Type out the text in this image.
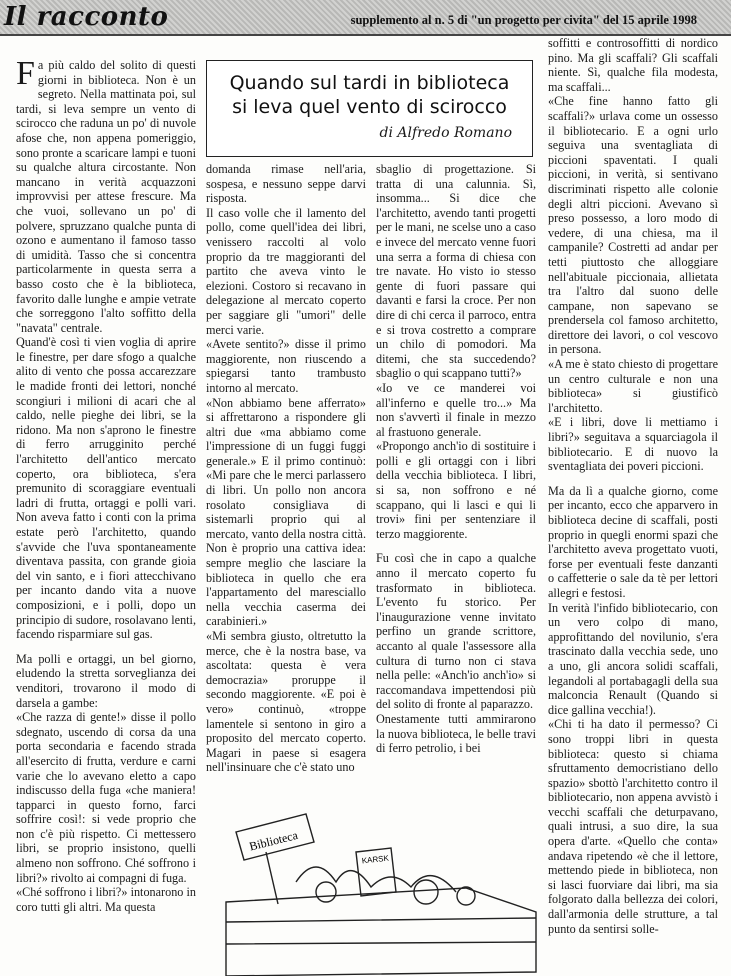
Il racconto	supplemento al n. 5 di "un progetto per civita" del 15 aprile 1998
Quando sul tardi in biblioteca
si leva quel vento di scirocco
di Alfredo Romano

Fa più caldo del solito di questi giorni in biblioteca. Non è un segreto. Nella mattinata poi, sul tardi, si leva sempre un vento di scirocco che raduna un po' di nuvole afose che, non appena pomeriggio, sono pronte a scaricare lampi e tuoni su qualche altura circostante. Non mancano in verità acquazzoni improvvisi per attese frescure. Ma che vuoi, sollevano un po' di polvere, spruzzano qualche punta di ozono e aumentano il famoso tasso di umidità. Tasso che si concentra particolarmente in questa serra a basso costo che è la biblioteca, favorito dalle lunghe e ampie vetrate che sorreggono l'alto soffitto della "navata" centrale.

Quand'è così ti vien voglia di aprire le finestre, per dare sfogo a qualche alito di vento che possa accarezzare le madide fronti dei lettori, nonché scongiuri i milioni di acari che al caldo, nelle pieghe dei libri, se la ridono. Ma non s'aprono le finestre di ferro arrugginito perché l'architetto dell'antico mercato coperto, ora biblioteca, s'era premunito di scoraggiare eventuali ladri di frutta, ortaggi e polli vari. Non aveva fatto i conti con la prima estate però l'architetto, quando s'avvide che l'uva spontaneamente diventava passita, con grande gioia del vin santo, e i fiori attecchivano per incanto dando vita a nuove composizioni, e i polli, dopo un principio di sudore, rosolavano lenti, facendo risparmiare sul gas.

Ma polli e ortaggi, un bel giorno, eludendo la stretta sorveglianza dei venditori, trovarono il modo di darsela a gambe:

«Che razza di gente!» disse il pollo sdegnato, uscendo di corsa da una porta secondaria e facendo strada all'esercito di frutta, verdure e carni varie che lo avevano eletto a capo indiscusso della fuga «che maniera! tapparci in questo forno, farci soffrire così!: si vede proprio che non c'è più rispetto. Ci mettessero libri, se proprio insistono, quelli almeno non soffrono. Ché soffrono i libri?» rivolto ai compagni di fuga.

«Ché soffrono i libri?» intonarono in coro tutti gli altri. Ma questa

domanda rimase nell'aria, sospesa, e nessuno seppe darvi risposta.

Il caso volle che il lamento del pollo, come quell'idea dei libri, venissero raccolti al volo proprio da tre maggioranti del partito che aveva vinto le elezioni. Costoro si recavano in delegazione al mercato coperto per saggiare gli "umori" delle merci varie.

«Avete sentito?» disse il primo maggiorente, non riuscendo a spiegarsi tanto trambusto intorno al mercato.

«Non abbiamo bene afferrato» si affrettarono a rispondere gli altri due «ma abbiamo come l'impressione di un fuggi fuggi generale.» E il primo continuò: «Mi pare che le merci parlassero di libri. Un pollo non ancora rosolato consigliava di sistemarli proprio qui al mercato, vanto della nostra città. Non è proprio una cattiva idea: sempre meglio che lasciare la biblioteca in quello che era l'appartamento del maresciallo nella vecchia caserma dei carabinieri.»

«Mi sembra giusto, oltretutto la merce, che è la nostra base, va ascoltata: questa è vera democrazia» proruppe il secondo maggiorente. «E poi è vero» continuò, «troppe lamentele si sentono in giro a proposito del mercato coperto. Magari in paese si esagera nell'insinuare che c'è stato uno

sbaglio di progettazione. Si tratta di una calunnia. Sì, insomma... Si dice che l'architetto, avendo tanti progetti per le mani, ne scelse uno a caso e invece del mercato venne fuori una serra a forma di chiesa con tre navate. Ho visto io stesso gente di fuori passare qui davanti e farsi la croce. Per non dire di chi cerca il parroco, entra e si trova costretto a comprare un chilo di pomodori. Ma ditemi, che sta succedendo? sbaglio o qui scappano tutti?»

«Io ve ce manderei voi all'inferno e quelle tro...» Ma non s'avvertì il finale in mezzo al frastuono generale.

«Propongo anch'io di sostituire i polli e gli ortaggi con i libri della vecchia biblioteca. I libri, si sa, non soffrono e né scappano, qui li lasci e qui li trovi» fini per sentenziare il terzo maggiorente.

Fu così che in capo a qualche anno il mercato coperto fu trasformato in biblioteca. L'evento fu storico. Per l'inaugurazione venne invitato perfino un grande scrittore, accanto al quale l'assessore alla cultura di turno non ci stava nella pelle: «Anch'io anch'io» si raccomandava impettendosi più del solito di fronte al paparazzo.

Onestamente tutti ammirarono la nuova biblioteca, le belle travi di ferro petrolio, i bei

soffitti e controsoffitti di nordico pino. Ma gli scaffali? Gli scaffali niente. Sì, qualche fila modesta, ma scaffali...

«Che fine hanno fatto gli scaffali?» urlava come un ossesso il bibliotecario. E a ogni urlo seguiva una sventagliata di piccioni spaventati. I quali piccioni, in verità, si sentivano discriminati rispetto alle colonie degli altri piccioni. Avevano sì preso possesso, a loro modo di vedere, di una chiesa, ma il campanile? Costretti ad andar per tetti piuttosto che alloggiare nell'abituale piccionaia, allietata tra l'altro dal suono delle campane, non sapevano se prendersela col famoso architetto, direttore dei lavori, o col vescovo in persona.

«A me è stato chiesto di progettare un centro culturale e non una biblioteca» si giustificò l'architetto.

«E i libri, dove li mettiamo i libri?» seguitava a squarciagola il bibliotecario. E di nuovo la sventagliata dei poveri piccioni.

Ma da lì a qualche giorno, come per incanto, ecco che apparvero in biblioteca decine di scaffali, posti proprio in quegli enormi spazi che l'architetto aveva progettato vuoti, forse per eventuali feste danzanti o caffetterie o sale da tè per lettori allegri e festosi.

In verità l'infido bibliotecario, con un vero colpo di mano, approfittando del novilunio, s'era trascinato dalla vecchia sede, uno a uno, gli ancora solidi scaffali, legandoli al portabagagli della sua malconcia Renault (Quando si dice gallina vecchia!).

«Chi ti ha dato il permesso? Ci sono troppi libri in questa biblioteca: questo si chiama sfruttamento democristiano dello spazio» sbottò l'architetto contro il bibliotecario, non appena avvistò i vecchi scaffali che deturpavano, quali intrusi, a suo dire, la sua opera d'arte. «Quello che conta» andava ripetendo «è che il lettore, mettendo piede in biblioteca, non si lasci fuorviare dai libri, ma sia folgorato dalla bellezza dei colori, dall'armonia delle strutture, a tal punto da sentirsi solle-

Biblioteca
KARSK
